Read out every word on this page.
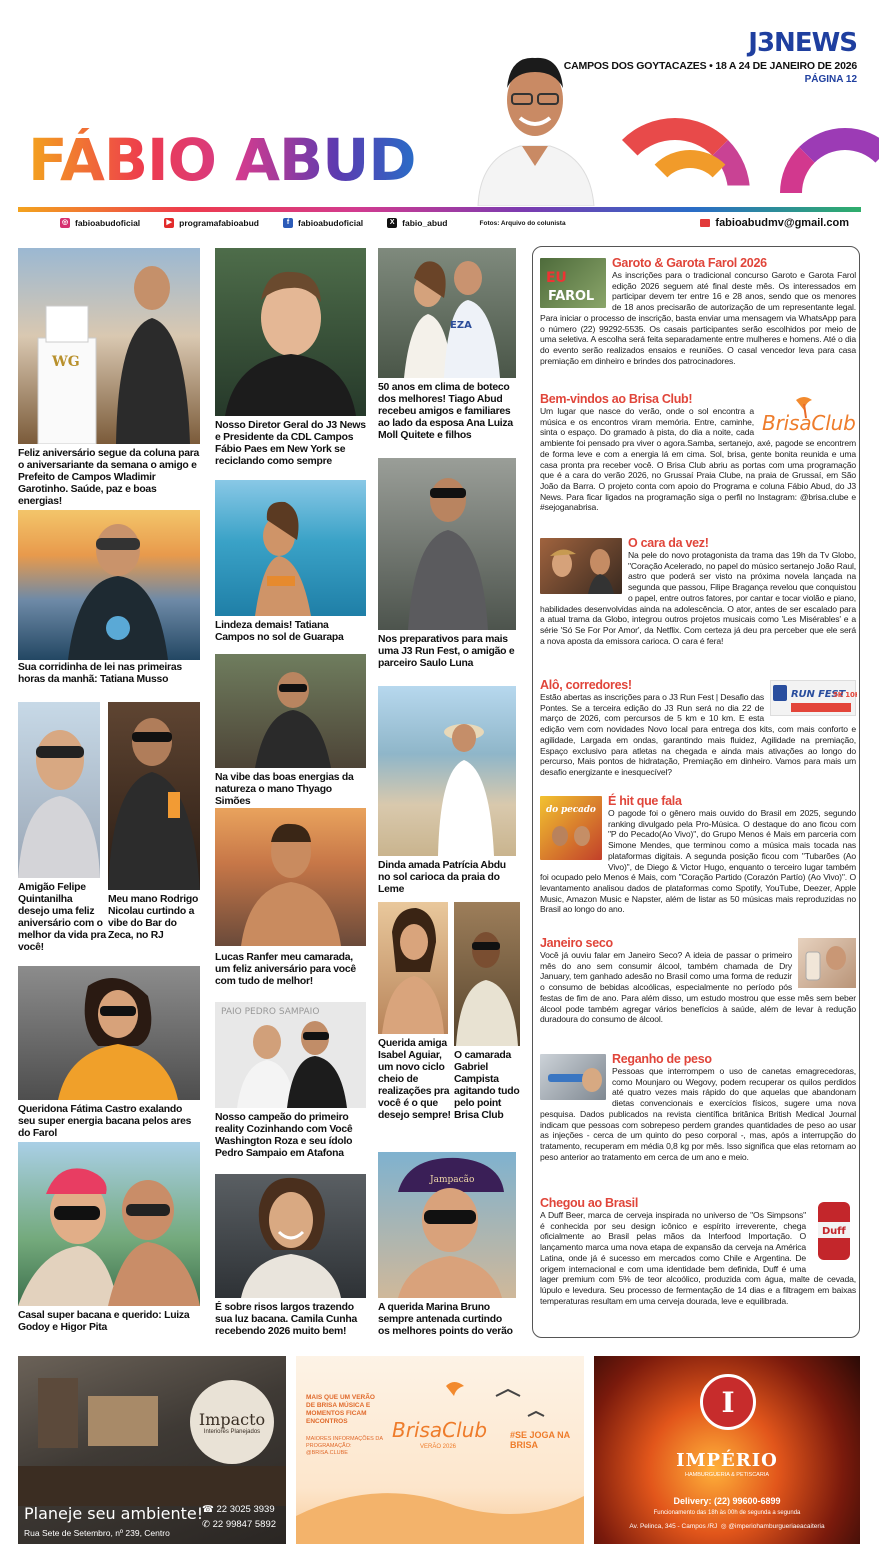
J3NEWS
CAMPOS DOS GOYTACAZES • 18 A 24 DE JANEIRO DE 2026
PÁGINA 12
FÁBIO ABUD
◎ fabioabudoficial	▶ programafabioabud	f	fabioabudoficial	X fabio_abud	Fotos: Arquivo do colunista	fabioabudmv@gmail.com
WG
Feliz aniversário segue da coluna para o aniversariante da semana o amigo e Prefeito de Campos Wladimir Garotinho. Saúde, paz e boas energias!
Sua corridinha de lei nas primeiras horas da manhã: Tatiana Musso
Amigão Felipe Quintanilha desejo uma feliz aniversário com o melhor da vida pra você!
Meu mano Rodrigo Nicolau curtindo a vibe do Bar do Zeca, no RJ
Queridona Fátima Castro exalando seu super energia bacana pelos ares do Farol
Casal super bacana e querido: Luiza Godoy e Higor Pita
Nosso Diretor Geral do J3 News e Presidente da CDL Campos Fábio Paes em New York se reciclando como sempre
Lindeza demais! Tatiana Campos no sol de Guarapa
Na vibe das boas energias da natureza o mano Thyago Simões
Lucas Ranfer meu camarada, um feliz aniversário para você com tudo de melhor!
PAIO PEDRO SAMPAIO
Nosso campeão do primeiro reality Cozinhando com Você Washington Roza e seu ídolo Pedro Sampaio em Atafona
É sobre risos largos trazendo sua luz bacana. Camila Cunha recebendo 2026 muito bem!
EZA
50 anos em clima de boteco dos melhores! Tiago Abud recebeu amigos e familiares ao lado da esposa Ana Luiza Moll Quitete e filhos
Nos preparativos para mais uma J3 Run Fest, o amigão e parceiro Saulo Luna
Dinda amada Patrícia Abdu no sol carioca da praia do Leme
Querida amiga Isabel Aguiar, um novo ciclo cheio de realizações pra você é o que desejo sempre!
O camarada Gabriel Campista agitando tudo pelo point Brisa Club
Jampacão
A querida Marina Bruno sempre antenada curtindo os melhores points do verão
EU
FAROL
Garoto & Garota Farol 2026
As inscrições para o tradicional concurso Garoto e Garota Farol edição 2026 seguem até final deste mês. Os interessados em participar devem ter entre 16 e 28 anos, sendo que os menores de 18 anos precisarão de autorização de um representante legal. Para iniciar o processo de inscrição, basta enviar uma mensagem via WhatsApp para o número (22) 99292-5535. Os casais participantes serão escolhidos por meio de uma seletiva. A escolha será feita separadamente entre mulheres e homens. Até o dia do evento serão realizados ensaios e reuniões. O casal vencedor leva para casa premiação em dinheiro e brindes dos patrocinadores.
BrisaClub
Bem-vindos ao Brisa Club!
Um lugar que nasce do verão, onde o sol encontra a música e os encontros viram memória. Entre, caminhe, sinta o espaço. Do gramado à pista, do dia a noite, cada ambiente foi pensado pra viver o agora.Samba, sertanejo, axé, pagode se encontrem de forma leve e com a energia lá em cima. Sol, brisa, gente bonita reunida e uma casa pronta pra receber você. O Brisa Club abriu as portas com uma programação que é a cara do verão 2026, no Grussaí Praia Clube, na praia de Grussaí, em São João da Barra. O projeto conta com apoio do Programa e coluna Fábio Abud, do J3 News. Para ficar ligados na programação siga o perfil no Instagram: @brisa.clube e #sejoganabrisa.
O cara da vez!
Na pele do novo protagonista da trama das 19h da Tv Globo, "Coração Acelerado, no papel do músico sertanejo João Raul, astro que poderá ser visto na próxima novela lançada na segunda que passou, Filipe Bragança revelou que conquistou o papel, entre outros fatores, por cantar e tocar violão e piano, habilidades desenvolvidas ainda na adolescência. O ator, antes de ser escalado para a atual trama da Globo, integrou outros projetos musicais como 'Les Misérables' e a série 'Só Se For Por Amor', da Netflix. Com certeza já deu pra perceber que ele será a nova aposta da emissora carioca. O cara é fera!
RUN FEST
5K 10
Alô, corredores!
Estão abertas as inscrições para o J3 Run Fest | Desafio das Pontes. Se a terceira edição do J3 Run será no dia 22 de março de 2026, com percursos de 5 km e 10 km. E esta edição vem com novidades Novo local para entrega dos kits, com mais conforto e agilidade, Largada em ondas, garantindo mais fluidez, Agilidade na premiação, Espaço exclusivo para atletas na chegada e ainda mais ativações ao longo do percurso, Mais pontos de hidratação, Premiação em dinheiro. Vamos para mais um desafio energizante e inesquecível?
do pecado
É hit que fala
O pagode foi o gênero mais ouvido do Brasil em 2025, segundo ranking divulgado pela Pro-Música. O destaque do ano ficou com "P do Pecado(Ao Vivo)", do Grupo Menos é Mais em parceria com Simone Mendes, que terminou como a música mais tocada nas plataformas digitais. A segunda posição ficou com "Tubarões (Ao Vivo)", de Diego & Victor Hugo, enquanto o terceiro lugar também foi ocupado pelo Menos é Mais, com "Coração Partido (Corazón Partío) (Ao Vivo)". O levantamento analisou dados de plataformas como Spotify, YouTube, Deezer, Apple Music, Amazon Music e Napster, além de listar as 50 músicas mais reproduzidas no Brasil ao longo do ano.
Janeiro seco
Você já ouviu falar em Janeiro Seco? A ideia de passar o primeiro mês do ano sem consumir álcool, também chamada de Dry January, tem ganhado adesão no Brasil como uma forma de reduzir o consumo de bebidas alcoólicas, especialmente no período pós festas de fim de ano. Para além disso, um estudo mostrou que esse mês sem beber álcool pode também agregar vários benefícios à saúde, além de levar à redução duradoura do consumo de álcool.
Reganho de peso
Pessoas que interrompem o uso de canetas emagrecedoras, como Mounjaro ou Wegovy, podem recuperar os quilos perdidos até quatro vezes mais rápido do que aquelas que abandonam dietas convencionais e exercícios físicos, sugere uma nova pesquisa. Dados publicados na revista científica britânica British Medical Journal indicam que pessoas com sobrepeso perdem grandes quantidades de peso ao usar as injeções - cerca de um quinto do peso corporal -, mas, após a interrupção do tratamento, recuperam em média 0,8 kg por mês. Isso significa que elas retornam ao peso anterior ao tratamento em cerca de um ano e meio.
Duff
Chegou ao Brasil
A Duff Beer, marca de cerveja inspirada no universo de "Os Simpsons" é conhecida por seu design icônico e espírito irreverente, chega oficialmente ao Brasil pelas mãos da Interfood Importação. O lançamento marca uma nova etapa de expansão da cerveja na América Latina, onde já é sucesso em mercados como Chile e Argentina. De origem internacional e com uma identidade bem definida, Duff é uma lager premium com 5% de teor alcoólico, produzida com água, malte de cevada, lúpulo e levedura. Seu processo de fermentação de 14 dias e a filtragem em baixas temperaturas resultam em uma cerveja dourada, leve e equilibrada.
Impacto
Interiores Planejados
Planeje seu ambiente!
Rua Sete de Setembro, nº 239, Centro
☎ 22 3025 3939
✆ 22 99847 5892
MAIS QUE UM VERÃO DE BRISA MÚSICA E MOMENTOS FICAM ENCONTROS
MAIORES INFORMAÇÕES DA PROGRAMAÇÃO: @BRISA.CLUBE
BrisaClub
VERÃO 2026
#SE JOGA NA BRISA
I
IMPÉRIO
HAMBURGUERIA & PETISCARIA
Delivery: (22) 99600-6899
Funcionamento das 18h às 00h de segunda a segunda
Av. Pelinca, 345 - Campos /RJ ◎ @imperiohamburgueriaeacaiteria
